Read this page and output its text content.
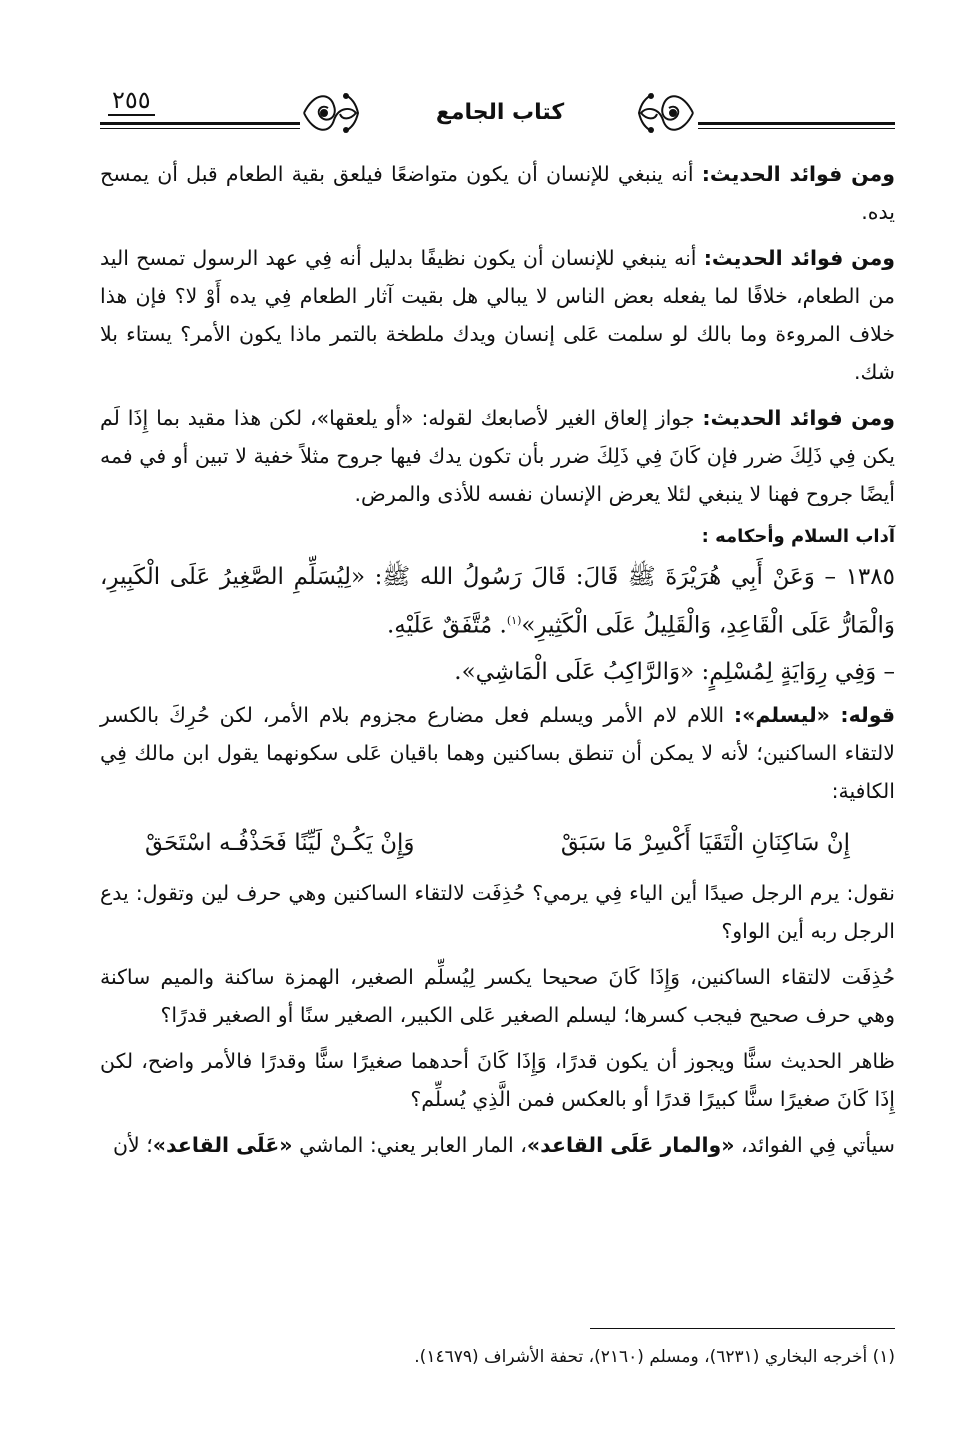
٢٥٥	كتاب الجامع

ومن فوائد الحديث: أنه ينبغي للإنسان أن يكون متواضعًا فيلعق بقية الطعام قبل أن يمسح يده.

ومن فوائد الحديث: أنه ينبغي للإنسان أن يكون نظيفًا بدليل أنه فِي عهد الرسول تمسح اليد من الطعام، خلافًا لما يفعله بعض الناس لا يبالي هل بقيت آثار الطعام فِي يده أَوْ لا؟ فإن هذا خلاف المروءة وما بالك لو سلمت عَلى إنسان ويدك ملطخة بالتمر ماذا يكون الأمر؟ يستاء بلا شك.

ومن فوائد الحديث: جواز إلعاق الغير لأصابعك لقوله: «أو يلعقها»، لكن هذا مقيد بما إِذَا لَم يكن فِي ذَلِكَ ضرر فإن كَانَ فِي ذَلِكَ ضرر بأن تكون يدك فيها جروح مثلاً خفية لا تبين أو في فمه أيضًا جروح فهنا لا ينبغي لئلا يعرض الإنسان نفسه للأذى والمرض.

آداب السلام وأحكامه :

١٣٨٥ – وَعَنْ أَبِي هُرَيْرَةَ ﷺ قَالَ: قَالَ رَسُولُ الله ﷺ: «لِيُسَلِّمِ الصَّغِيرُ عَلَى الْكَبِيرِ، وَالْمَارُّ عَلَى الْقَاعِدِ، وَالْقَلِيلُ عَلَى الْكَثِيرِ»$^{(١)}$. مُتَّفَقٌ عَلَيْهِ.

– وَفِي رِوَايَةٍ لِمُسْلِمٍ: «وَالرَّاكِبُ عَلَى الْمَاشِي».

قوله: «ليسلم»: اللام لام الأمر ويسلم فعل مضارع مجزوم بلام الأمر، لكن حُرِكَ بالكسر لالتقاء الساكنين؛ لأنه لا يمكن أن تنطق بساكنين وهما باقيان عَلى سكونهما يقول ابن مالك فِي الكافية:

إِنْ سَاكِنَانِ الْتَقَيَا أَكْسِرْ مَا سَبَقْ
وَإِنْ يَكُـنْ لَيِّنًا فَحَذْفُـه اسْتَحَقْ

نقول: يرم الرجل صيدًا أين الياء فِي يرمي؟ حُذِفَت لالتقاء الساكنين وهي حرف لين وتقول: يدع الرجل ربه أين الواو؟

حُذِفَت لالتقاء الساكنين، وَإِذَا كَانَ صحيحا يكسر لِيُسلِّم الصغير، الهمزة ساكنة والميم ساكنة وهي حرف صحيح فيجب كسرها؛ ليسلم الصغير عَلى الكبير، الصغير سنًا أو الصغير قدرًا؟

ظاهر الحديث سنًّا ويجوز أن يكون قدرًا، وَإِذَا كَانَ أحدهما صغيرًا سنًّا وقدرًا فالأمر واضح، لكن إِذَا كَانَ صغيرًا سنًّا كبيرًا قدرًا أو بالعكس فمن الَّذِي يُسلِّم؟

سيأتي فِي الفوائد، «والمار عَلَى القاعد»، المار العابر يعني: الماشي «عَلَى القاعد»؛ لأن

(١) أخرجه البخاري (٦٢٣١)، ومسلم (٢١٦٠)، تحفة الأشراف (١٤٦٧٩).
